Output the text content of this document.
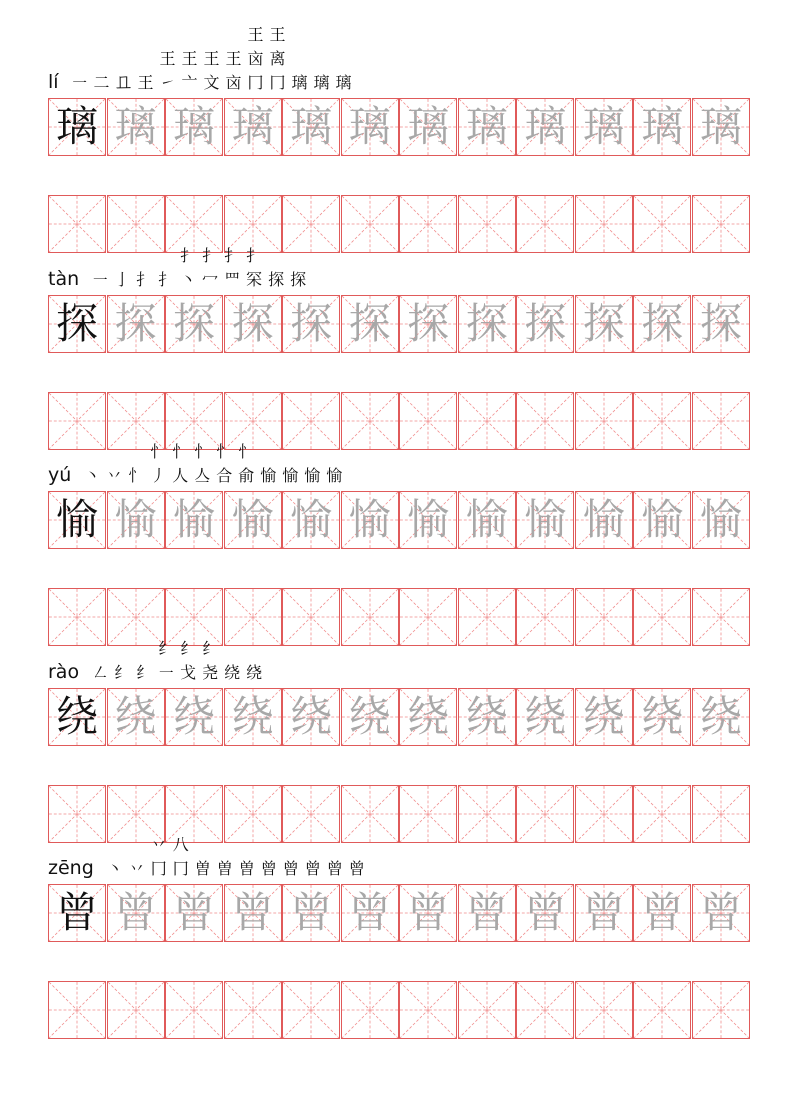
lí ㇐ 二 𠀃 王
王㇀
王亠
王文
王㐫
王㐫冂
王离冂 璃 璃 璃
璃 璃 璃 璃 璃 璃 璃 璃 璃 璃 璃 璃
tàn ㇐ 亅 扌 扌
扌丶
扌冖
扌罒
扌罙 探 探
探 探 探 探 探 探 探 探 探 探 探 探
yú 丶 丷 忄
忄丿
忄人
忄亼
忄合
忄俞 愉 愉 愉 愉
愉 愉 愉 愉 愉 愉 愉 愉 愉 愉 愉 愉
rào ㇜ 纟 纟
纟㇐
纟戈
纟尧 绕 绕
绕 绕 绕 绕 绕 绕 绕 绕 绕 绕 绕 绕
zēng 丶 丷
丷冂
八冂 曽 曽 曽 曾 曾 曾 曾 曾
曾 曾 曾 曾 曾 曾 曾 曾 曾 曾 曾 曾
